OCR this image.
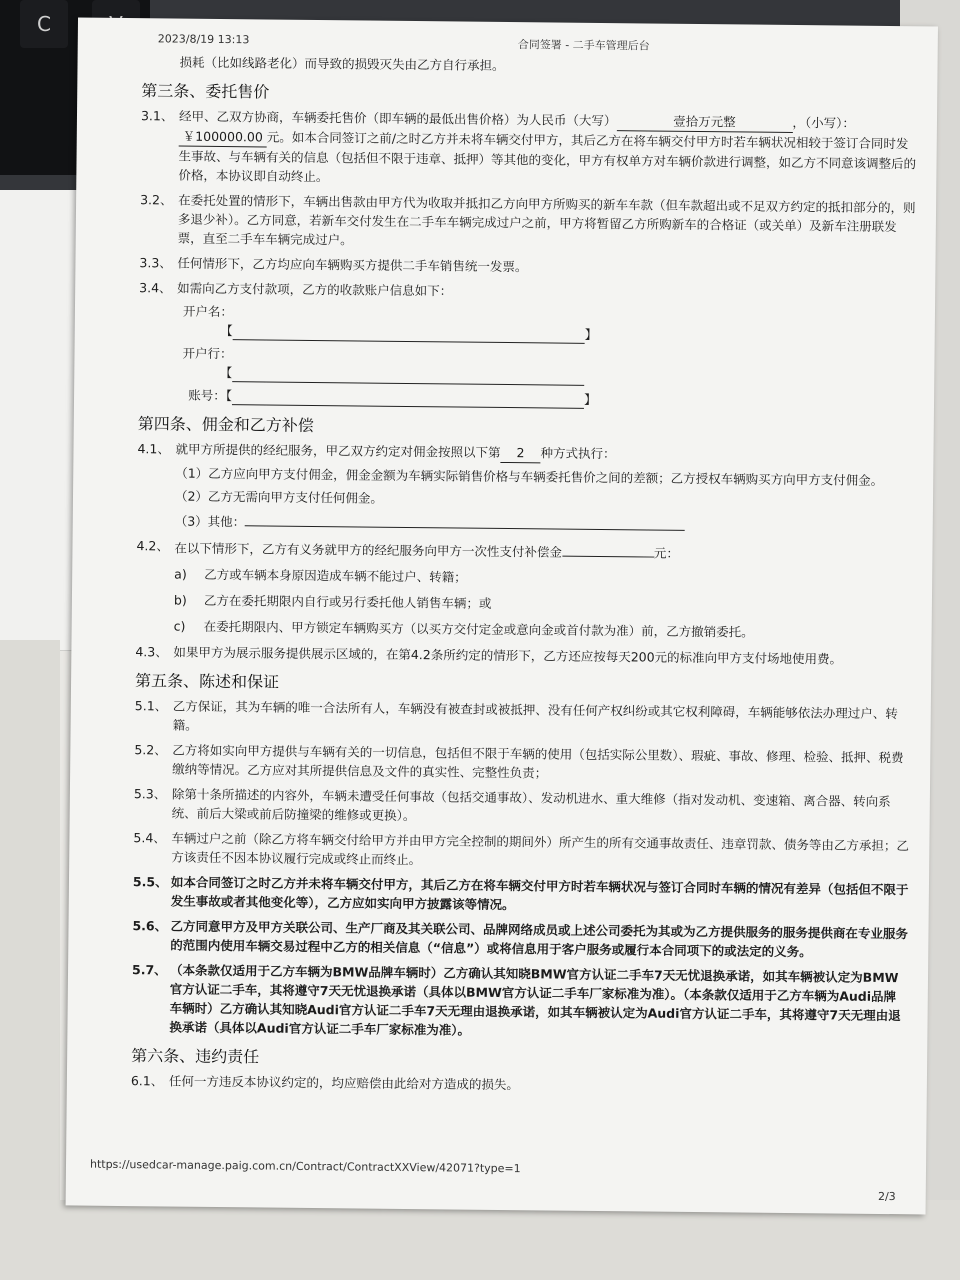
C
2023/8/19 13:13	合同签署 - 二手车管理后台

损耗（比如线路老化）而导致的损毁灭失由乙方自行承担。

第三条、委托售价
3.1、 经甲、乙双方协商，车辆委托售价（即车辆的最低出售价格）为人民币（大写）	壹拾万元整	，（小写）：￥100000.00 元。如本合同签订之前/之时乙方并未将车辆交付甲方，其后乙方在将车辆交付甲方时若车辆状况相较于签订合同时发生事故、与车辆有关的信息（包括但不限于违章、抵押）等其他的变化，甲方有权单方对车辆价款进行调整，如乙方不同意该调整后的价格，本协议即自动终止。
3.2、 在委托处置的情形下，车辆出售款由甲方代为收取并抵扣乙方向甲方所购买的新车车款（但车款超出或不足双方约定的抵扣部分的，则多退少补）。乙方同意，若新车交付发生在二手车车辆完成过户之前，甲方将暂留乙方所购新车的合格证（或关单）及新车注册联发票，直至二手车车辆完成过户。
3.3、 任何情形下，乙方均应向车辆购买方提供二手车销售统一发票。
3.4、 如需向乙方支付款项，乙方的收款账户信息如下：
开户名：【	】
开户行：【
账号：【	】
第四条、佣金和乙方补偿
4.1、 就甲方所提供的经纪服务，甲乙双方约定对佣金按照以下第 2 种方式执行：
（1）乙方应向甲方支付佣金，佣金金额为车辆实际销售价格与车辆委托售价之间的差额；乙方授权车辆购买方向甲方支付佣金。
（2）乙方无需向甲方支付任何佣金。
（3）其他：
4.2、 在以下情形下，乙方有义务就甲方的经纪服务向甲方一次性支付补偿金	元：
a)	乙方或车辆本身原因造成车辆不能过户、转籍；
b)	乙方在委托期限内自行或另行委托他人销售车辆；或
c)	在委托期限内、甲方锁定车辆购买方（以买方交付定金或意向金或首付款为准）前，乙方撤销委托。
4.3、 如果甲方为展示服务提供展示区域的，在第4.2条所约定的情形下，乙方还应按每天200元的标准向甲方支付场地使用费。
第五条、陈述和保证
5.1、 乙方保证，其为车辆的唯一合法所有人，车辆没有被查封或被抵押、没有任何产权纠纷或其它权利障碍，车辆能够依法办理过户、转籍。
5.2、 乙方将如实向甲方提供与车辆有关的一切信息，包括但不限于车辆的使用（包括实际公里数）、瑕疵、事故、修理、检验、抵押、税费缴纳等情况。乙方应对其所提供信息及文件的真实性、完整性负责；
5.3、 除第十条所描述的内容外，车辆未遭受任何事故（包括交通事故）、发动机进水、重大维修（指对发动机、变速箱、离合器、转向系统、前后大梁或前后防撞梁的维修或更换）。
5.4、 车辆过户之前（除乙方将车辆交付给甲方并由甲方完全控制的期间外）所产生的所有交通事故责任、违章罚款、债务等由乙方承担；乙方该责任不因本协议履行完成或终止而终止。
5.5、 如本合同签订之时乙方并未将车辆交付甲方，其后乙方在将车辆交付甲方时若车辆状况与签订合同时车辆的情况有差异（包括但不限于发生事故或者其他变化等），乙方应如实向甲方披露该等情况。
5.6、 乙方同意甲方及甲方关联公司、生产厂商及其关联公司、品牌网络成员或上述公司委托为其或为乙方提供服务的服务提供商在专业服务的范围内使用车辆交易过程中乙方的相关信息（“信息”）或将信息用于客户服务或履行本合同项下的或法定的义务。
5.7、 （本条款仅适用于乙方车辆为BMW品牌车辆时）乙方确认其知晓BMW官方认证二手车7天无忧退换承诺，如其车辆被认定为BMW官方认证二手车，其将遵守7天无忧退换承诺（具体以BMW官方认证二手车厂家标准为准）。（本条款仅适用于乙方车辆为Audi品牌车辆时）乙方确认其知晓Audi官方认证二手车7天无理由退换承诺，如其车辆被认定为Audi官方认证二手车，其将遵守7天无理由退换承诺（具体以Audi官方认证二手车厂家标准为准）。
第六条、违约责任
6.1、 任何一方违反本协议约定的，均应赔偿由此给对方造成的损失。
https://usedcar-manage.paig.com.cn/Contract/ContractXXView/42071?type=1
2/3
